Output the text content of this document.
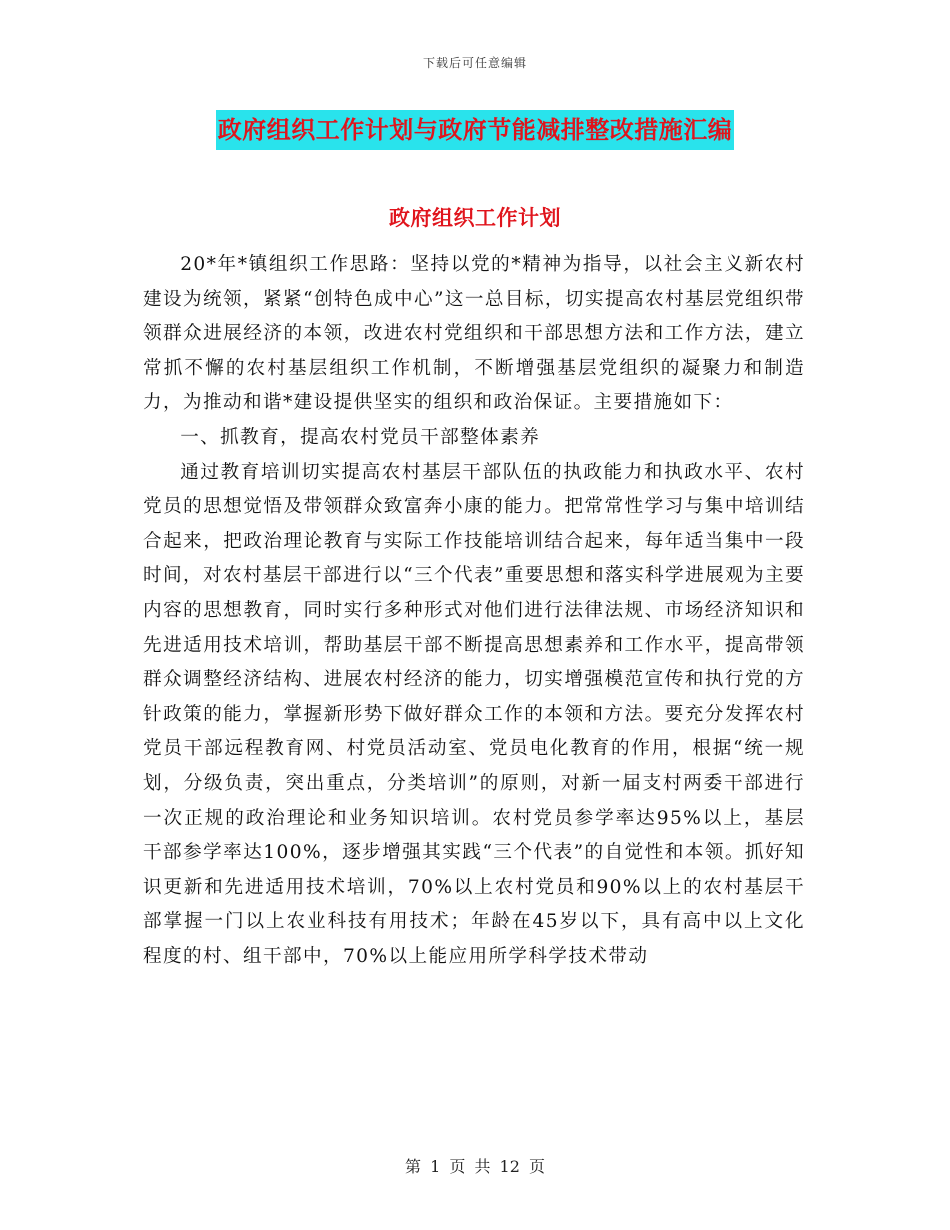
下载后可任意编辑
政府组织工作计划与政府节能减排整改措施汇编
政府组织工作计划

20*年*镇组织工作思路：坚持以党的*精神为指导，以社会主义新农村建设为统领，紧紧“创特色成中心”这一总目标，切实提高农村基层党组织带领群众进展经济的本领，改进农村党组织和干部思想方法和工作方法，建立常抓不懈的农村基层组织工作机制，不断增强基层党组织的凝聚力和制造力，为推动和谐*建设提供坚实的组织和政治保证。主要措施如下：

一、抓教育，提高农村党员干部整体素养

通过教育培训切实提高农村基层干部队伍的执政能力和执政水平、农村党员的思想觉悟及带领群众致富奔小康的能力。把常常性学习与集中培训结合起来，把政治理论教育与实际工作技能培训结合起来，每年适当集中一段时间，对农村基层干部进行以“三个代表”重要思想和落实科学进展观为主要内容的思想教育，同时实行多种形式对他们进行法律法规、市场经济知识和先进适用技术培训，帮助基层干部不断提高思想素养和工作水平，提高带领群众调整经济结构、进展农村经济的能力，切实增强模范宣传和执行党的方针政策的能力，掌握新形势下做好群众工作的本领和方法。要充分发挥农村党员干部远程教育网、村党员活动室、党员电化教育的作用，根据“统一规划，分级负责，突出重点，分类培训”的原则，对新一届支村两委干部进行一次正规的政治理论和业务知识培训。农村党员参学率达95%以上，基层干部参学率达100%，逐步增强其实践“三个代表”的自觉性和本领。抓好知识更新和先进适用技术培训，70%以上农村党员和90%以上的农村基层干部掌握一门以上农业科技有用技术；年龄在45岁以下，具有高中以上文化程度的村、组干部中，70%以上能应用所学科学技术带动

第 1 页 共 12 页
